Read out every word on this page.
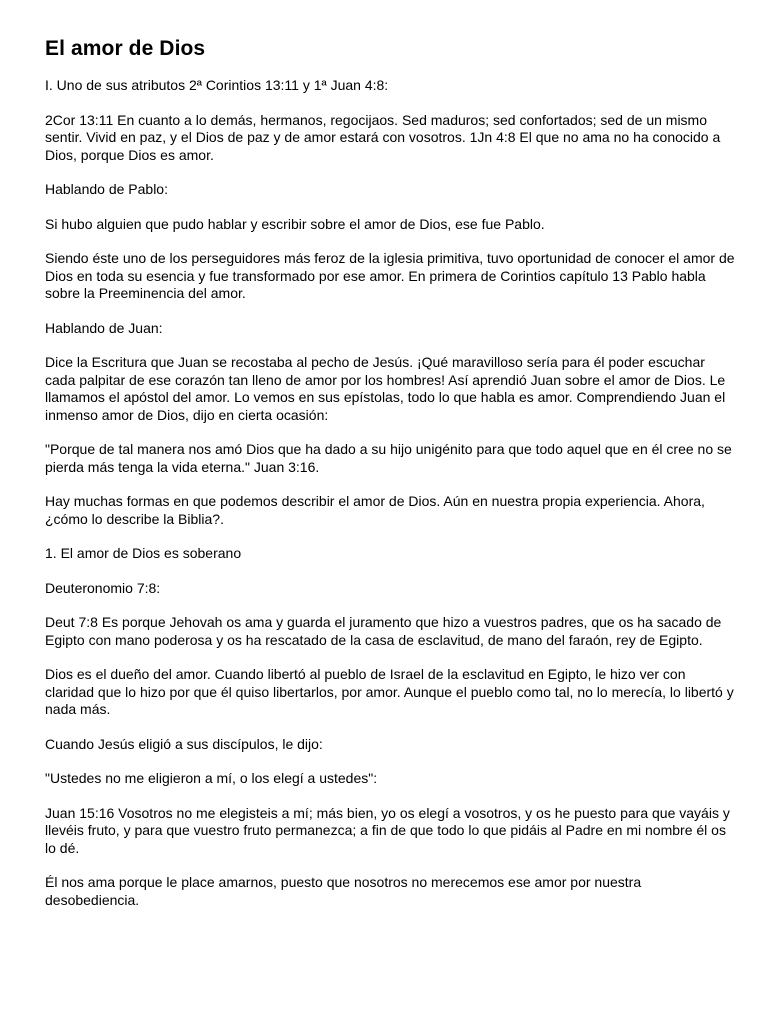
El amor de Dios

I. Uno de sus atributos 2ª Corintios 13:11 y 1ª Juan 4:8:

2Cor 13:11 En cuanto a lo demás, hermanos, regocijaos. Sed maduros; sed confortados; sed de un mismo sentir. Vivid en paz, y el Dios de paz y de amor estará con vosotros. 1Jn 4:8 El que no ama no ha conocido a Dios, porque Dios es amor.

Hablando de Pablo:

Si hubo alguien que pudo hablar y escribir sobre el amor de Dios, ese fue Pablo.

Siendo éste uno de los perseguidores más feroz de la iglesia primitiva, tuvo oportunidad de conocer el amor de Dios en toda su esencia y fue transformado por ese amor. En primera de Corintios capítulo 13 Pablo habla sobre la Preeminencia del amor.

Hablando de Juan:

Dice la Escritura que Juan se recostaba al pecho de Jesús. ¡Qué maravilloso sería para él poder escuchar cada palpitar de ese corazón tan lleno de amor por los hombres! Así aprendió Juan sobre el amor de Dios. Le llamamos el apóstol del amor. Lo vemos en sus epístolas, todo lo que habla es amor. Comprendiendo Juan el inmenso amor de Dios, dijo en cierta ocasión:

"Porque de tal manera nos amó Dios que ha dado a su hijo unigénito para que todo aquel que en él cree no se pierda más tenga la vida eterna." Juan 3:16.

Hay muchas formas en que podemos describir el amor de Dios. Aún en nuestra propia experiencia. Ahora, ¿cómo lo describe la Biblia?.

1. El amor de Dios es soberano

Deuteronomio 7:8:

Deut 7:8 Es porque Jehovah os ama y guarda el juramento que hizo a vuestros padres, que os ha sacado de Egipto con mano poderosa y os ha rescatado de la casa de esclavitud, de mano del faraón, rey de Egipto.

Dios es el dueño del amor. Cuando libertó al pueblo de Israel de la esclavitud en Egipto, le hizo ver con claridad que lo hizo por que él quiso libertarlos, por amor. Aunque el pueblo como tal, no lo merecía, lo libertó y nada más.

Cuando Jesús eligió a sus discípulos, le dijo:

"Ustedes no me eligieron a mí, o los elegí a ustedes":

Juan 15:16 Vosotros no me elegisteis a mí; más bien, yo os elegí a vosotros, y os he puesto para que vayáis y llevéis fruto, y para que vuestro fruto permanezca; a fin de que todo lo que pidáis al Padre en mi nombre él os lo dé.

Él nos ama porque le place amarnos, puesto que nosotros no merecemos ese amor por nuestra desobediencia.
